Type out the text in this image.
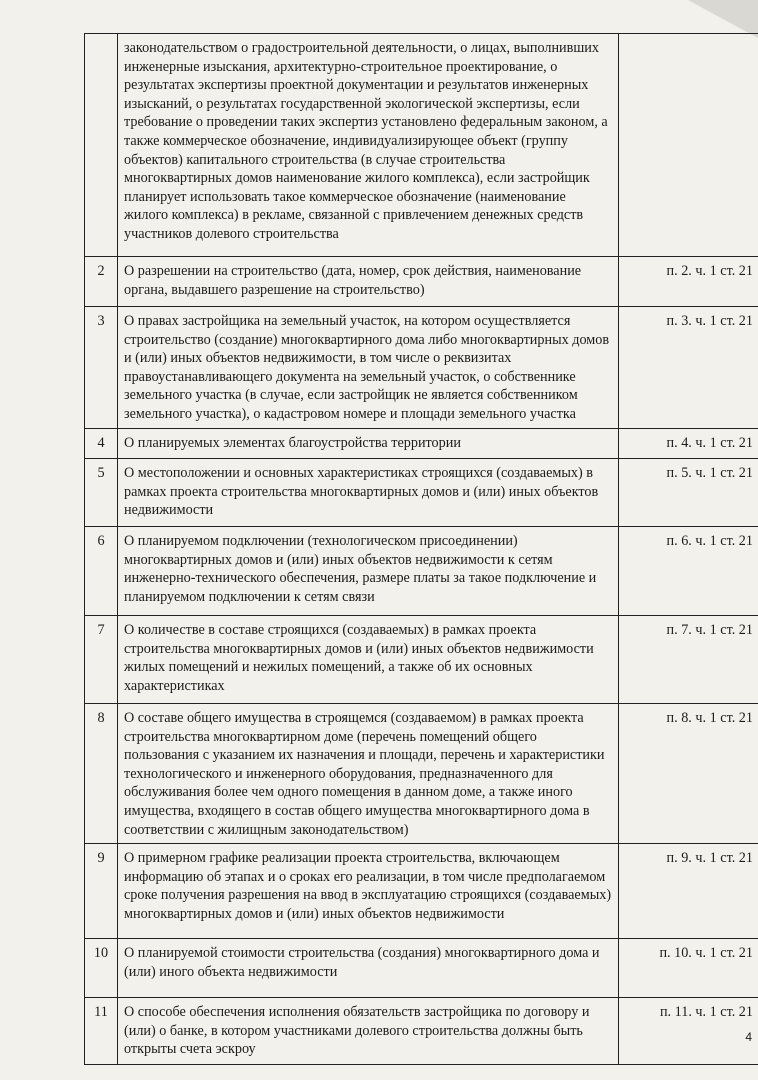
	законодательством о градостроительной деятельности, о лицах, выполнивших инженерные изыскания, архитектурно-строительное проектирование, о результатах экспертизы проектной документации и результатов инженерных изысканий, о результатах государственной экологической экспертизы, если требование о проведении таких экспертиз установлено федеральным законом, а также коммерческое обозначение, индивидуализирующее объект (группу объектов) капитального строительства (в случае строительства многоквартирных домов наименование жилого комплекса), если застройщик планирует использовать такое коммерческое обозначение (наименование жилого комплекса) в рекламе, связанной с привлечением денежных средств участников долевого строительства	
2	О разрешении на строительство (дата, номер, срок действия, наименование органа, выдавшего разрешение на строительство)	п. 2. ч. 1 ст. 21
3	О правах застройщика на земельный участок, на котором осуществляется строительство (создание) многоквартирного дома либо многоквартирных домов и (или) иных объектов недвижимости, в том числе о реквизитах правоустанавливающего документа на земельный участок, о собственнике земельного участка (в случае, если застройщик не является собственником земельного участка), о кадастровом номере и площади земельного участка	п. 3. ч. 1 ст. 21
4	О планируемых элементах благоустройства территории	п. 4. ч. 1 ст. 21
5	О местоположении и основных характеристиках строящихся (создаваемых) в рамках проекта строительства многоквартирных домов и (или) иных объектов недвижимости	п. 5. ч. 1 ст. 21
6	О планируемом подключении (технологическом присоединении) многоквартирных домов и (или) иных объектов недвижимости к сетям инженерно-технического обеспечения, размере платы за такое подключение и планируемом подключении к сетям связи	п. 6. ч. 1 ст. 21
7	О количестве в составе строящихся (создаваемых) в рамках проекта строительства многоквартирных домов и (или) иных объектов недвижимости жилых помещений и нежилых помещений, а также об их основных характеристиках	п. 7. ч. 1 ст. 21
8	О составе общего имущества в строящемся (создаваемом) в рамках проекта строительства многоквартирном доме (перечень помещений общего пользования с указанием их назначения и площади, перечень и характеристики технологического и инженерного оборудования, предназначенного для обслуживания более чем одного помещения в данном доме, а также иного имущества, входящего в состав общего имущества многоквартирного дома в соответствии с жилищным законодательством)	п. 8. ч. 1 ст. 21
9	О примерном графике реализации проекта строительства, включающем информацию об этапах и о сроках его реализации, в том числе предполагаемом сроке получения разрешения на ввод в эксплуатацию строящихся (создаваемых) многоквартирных домов и (или) иных объектов недвижимости	п. 9. ч. 1 ст. 21
10	О планируемой стоимости строительства (создания) многоквартирного дома и (или) иного объекта недвижимости	п. 10. ч. 1 ст. 21
11	О способе обеспечения исполнения обязательств застройщика по договору и (или) о банке, в котором участниками долевого строительства должны быть открыты счета эскроу	п. 11. ч. 1 ст. 21
4
